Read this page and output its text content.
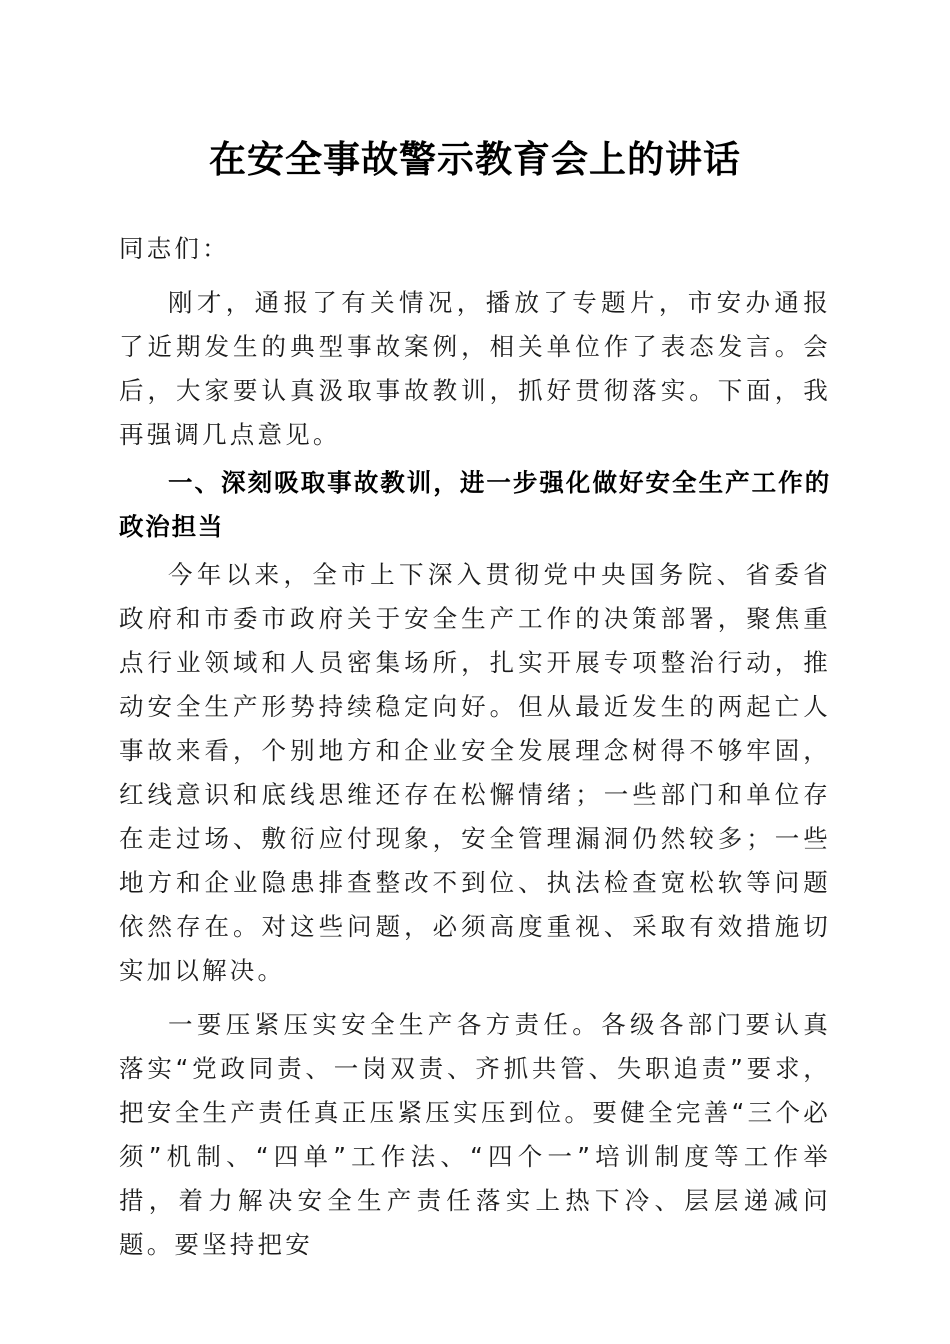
在安全事故警示教育会上的讲话

同志们：

刚才，通报了有关情况，播放了专题片，市安办通报了近期发生的典型事故案例，相关单位作了表态发言。会后，大家要认真汲取事故教训，抓好贯彻落实。下面，我再强调几点意见。

一、深刻吸取事故教训，进一步强化做好安全生产工作的政治担当

今年以来，全市上下深入贯彻党中央国务院、省委省政府和市委市政府关于安全生产工作的决策部署，聚焦重点行业领域和人员密集场所，扎实开展专项整治行动，推动安全生产形势持续稳定向好。但从最近发生的两起亡人事故来看，个别地方和企业安全发展理念树得不够牢固，红线意识和底线思维还存在松懈情绪；一些部门和单位存在走过场、敷衍应付现象，安全管理漏洞仍然较多；一些地方和企业隐患排查整改不到位、执法检查宽松软等问题依然存在。对这些问题，必须高度重视、采取有效措施切实加以解决。

一要压紧压实安全生产各方责任。各级各部门要认真落实“党政同责、一岗双责、齐抓共管、失职追责”要求，把安全生产责任真正压紧压实压到位。要健全完善“三个必须”机制、“四单”工作法、“四个一”培训制度等工作举措，着力解决安全生产责任落实上热下冷、层层递减问题。要坚持把安
